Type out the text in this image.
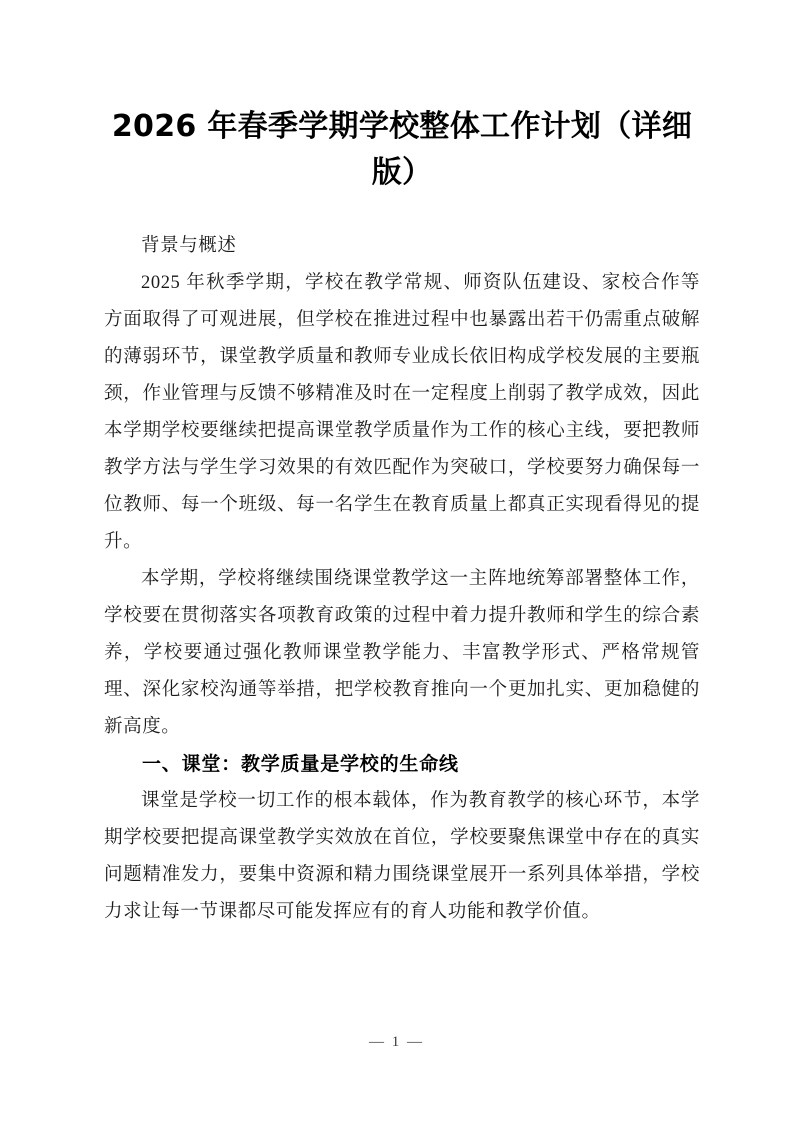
2026 年春季学期学校整体工作计划（详细版）

背景与概述

2025 年秋季学期，学校在教学常规、师资队伍建设、家校合作等方面取得了可观进展，但学校在推进过程中也暴露出若干仍需重点破解的薄弱环节，课堂教学质量和教师专业成长依旧构成学校发展的主要瓶颈，作业管理与反馈不够精准及时在一定程度上削弱了教学成效，因此本学期学校要继续把提高课堂教学质量作为工作的核心主线，要把教师教学方法与学生学习效果的有效匹配作为突破口，学校要努力确保每一位教师、每一个班级、每一名学生在教育质量上都真正实现看得见的提升。

本学期，学校将继续围绕课堂教学这一主阵地统筹部署整体工作，学校要在贯彻落实各项教育政策的过程中着力提升教师和学生的综合素养，学校要通过强化教师课堂教学能力、丰富教学形式、严格常规管理、深化家校沟通等举措，把学校教育推向一个更加扎实、更加稳健的新高度。

一、课堂：教学质量是学校的生命线

课堂是学校一切工作的根本载体，作为教育教学的核心环节，本学期学校要把提高课堂教学实效放在首位，学校要聚焦课堂中存在的真实问题精准发力，要集中资源和精力围绕课堂展开一系列具体举措，学校力求让每一节课都尽可能发挥应有的育人功能和教学价值。

— 1 —
